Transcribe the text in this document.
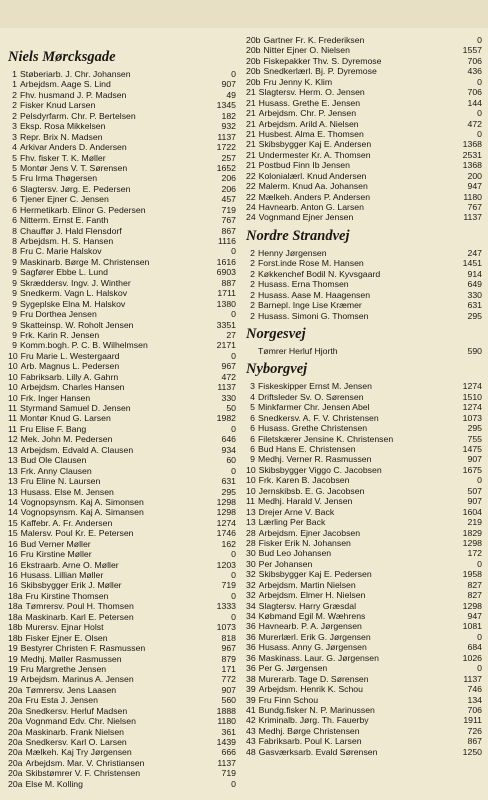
Niels Mørcksgade
1 Støberiarb. J. Chr. Johansen	0
1 Arbejdsm. Aage S. Lind	907
2 Fhv. husmand J. P. Madsen	49
2 Fisker Knud Larsen	1345
2 Pelsdyrfarm. Chr. P. Bertelsen	182
3 Eksp. Rosa Mikkelsen	932
3 Repr. Brix N. Madsen	1137
4 Arkivar Anders D. Andersen	1722
5 Fhv. fisker T. K. Møller	257
5 Montør Jens V. T. Sørensen	1652
5 Fru Irma Thøgersen	206
6 Slagtersv. Jørg. E. Pedersen	206
6 Tjener Ejner C. Jensen	457
6 Hermetikarb. Elinor G. Pedersen	719
6 Nitterm. Ernst E. Fanth	767
8 Chauffør J. Hald Flensdorf	867
8 Arbejdsm. H. S. Hansen	1116
8 Fru C. Marie Halskov	0
9 Maskinarb. Børge M. Christensen	1616
9 Sagfører Ebbe L. Lund	6903
9 Skræddersv. Ingv. J. Winther	887
9 Snedkerm. Vagn L. Halskov	1711
9 Sygeplske Elna M. Halskov	1380
9 Fru Dorthea Jensen	0
9 Skatteinsp. W. Roholt Jensen	3351
9 Frk. Karin R. Jensen	27
9 Komm.bogh. P. C. B. Wilhelmsen	2171
10 Fru Marie L. Westergaard	0
10 Arb. Magnus L. Pedersen	967
10 Fabriksarb. Lilly A. Gahrn	472
10 Arbejdsm. Charles Hansen	1137
10 Frk. Inger Hansen	330
11 Styrmand Samuel D. Jensen	50
11 Montør Knud G. Larsen	1982
11 Fru Elise F. Bang	0
12 Mek. John M. Pedersen	646
13 Arbejdsm. Edvald A. Clausen	934
13 Bud Ole Clausen	60
13 Frk. Anny Clausen	0
13 Fru Eline N. Laursen	631
13 Husass. Else M. Jensen	295
14 Vognopsynsm. Kaj A. Simonsen	1298
14 Vognopsynsm. Kaj A. Simansen	1298
15 Kaffebr. A. Fr. Andersen	1274
15 Malersv. Poul Kr. E. Petersen	1746
16 Bud Verner Møller	162
16 Fru Kirstine Møller	0
16 Ekstraarb. Arne O. Møller	1203
16 Husass. Lillian Møller	0
16 Skibsbygger Erik J. Møller	719
18a Fru Kirstine Thomsen	0
18a Tømrersv. Poul H. Thomsen	1333
18a Maskinarb. Karl E. Petersen	0
18b Murersv. Ejnar Holst	1073
18b Fisker Ejner E. Olsen	818
19 Bestyrer Christen F. Rasmussen	967
19 Medhj. Møller Rasmussen	879
19 Fru Margrethe Jensen	171
19 Arbejdsm. Marinus A. Jensen	772
20a Tømrersv. Jens Laasen	907
20a Fru Esta J. Jensen	560
20a Snedkersv. Herluf Madsen	1888
20a Vognmand Edv. Chr. Nielsen	1180
20a Maskinarb. Frank Nielsen	361
20a Snedkersv. Karl O. Larsen	1439
20a Mælkeh. Kaj Try Jørgensen	666
20a Arbejdsm. Mar. V. Christiansen	1137
20a Skibstømrer V. F. Christensen	719
20a Else M. Kolling	0
20b Gartner Fr. K. Frederiksen	0
20b Nitter Ejner O. Nielsen	1557
20b Fiskepakker Thv. S. Dyremose	706
20b Snedkerlærl. Bj. P. Dyremose	436
20b Fru Jenny K. Klim	0
21 Slagtersv. Herm. O. Jensen	706
21 Husass. Grethe E. Jensen	144
21 Arbejdsm. Chr. P. Jensen	0
21 Arbejdsm. Arild A. Nielsen	472
21 Husbest. Alma E. Thomsen	0
21 Skibsbygger Kaj E. Andersen	1368
21 Undermester Kr. A. Thomsen	2531
21 Postbud Finn Ib Jensen	1368
22 Kolonialærl. Knud Andersen	200
22 Malerm. Knud Aa. Johansen	947
22 Mælkeh. Anders P. Andersen	1180
24 Havnearb. Anton G. Larsen	767
24 Vognmand Ejner Jensen	1137
Nordre Strandvej
2 Henny Jørgensen	247
2 Forst.inde Rose M. Hansen	1451
2 Køkkenchef Bodil N. Kyvsgaard	914
2 Husass. Erna Thomsen	649
2 Husass. Aase M. Haagensen	330
2 Barnepl. Inge Lise Kræmer	631
2 Husass. Simoni G. Thomsen	295
Norgesvej
Tømrer Herluf Hjorth	590
Nyborgvej
3 Fiskeskipper Ernst M. Jensen	1274
4 Driftsleder Sv. O. Sørensen	1510
5 Minkfarmer Chr. Jensen Abel	1274
6 Snedkersv. A. F. V. Christensen	1073
6 Husass. Grethe Christensen	295
6 Filetskærer Jensine K. Christensen	755
6 Bud Hans E. Christensen	1475
9 Medhj. Verner R. Rasmussen	907
10 Skibsbygger Viggo C. Jacobsen	1675
10 Frk. Karen B. Jacobsen	0
10 Jernskibsb. E. G. Jacobsen	507
11 Medhj. Harald V. Jensen	907
13 Drejer Arne V. Back	1604
13 Lærling Per Back	219
28 Arbejdsm. Ejner Jacobsen	1829
28 Fisker Erik N. Johansen	1298
30 Bud Leo Johansen	172
30 Per Johansen	0
32 Skibsbygger Kaj E. Pedersen	1958
32 Arbejdsm. Martin Nielsen	827
32 Arbejdsm. Elmer H. Nielsen	827
34 Slagtersv. Harry Græsdal	1298
34 Købmand Egil M. Wæhrens	947
36 Havnearb. P. A. Jørgensen	1081
36 Murerlærl. Erik G. Jørgensen	0
36 Husass. Anny G. Jørgensen	684
36 Maskinass. Laur. G. Jørgensen	1026
36 Per G. Jørgensen	0
38 Murerarb. Tage D. Sørensen	1137
39 Arbejdsm. Henrik K. Schou	746
39 Fru Finn Schou	134
41 Bundg.fisker N. P. Marinussen	706
42 Kriminalb. Jørg. Th. Fauerby	1911
43 Medhj. Børge Christensen	726
43 Fabriksarb. Poul K. Larsen	867
48 Gasværksarb. Evald Sørensen	1250
